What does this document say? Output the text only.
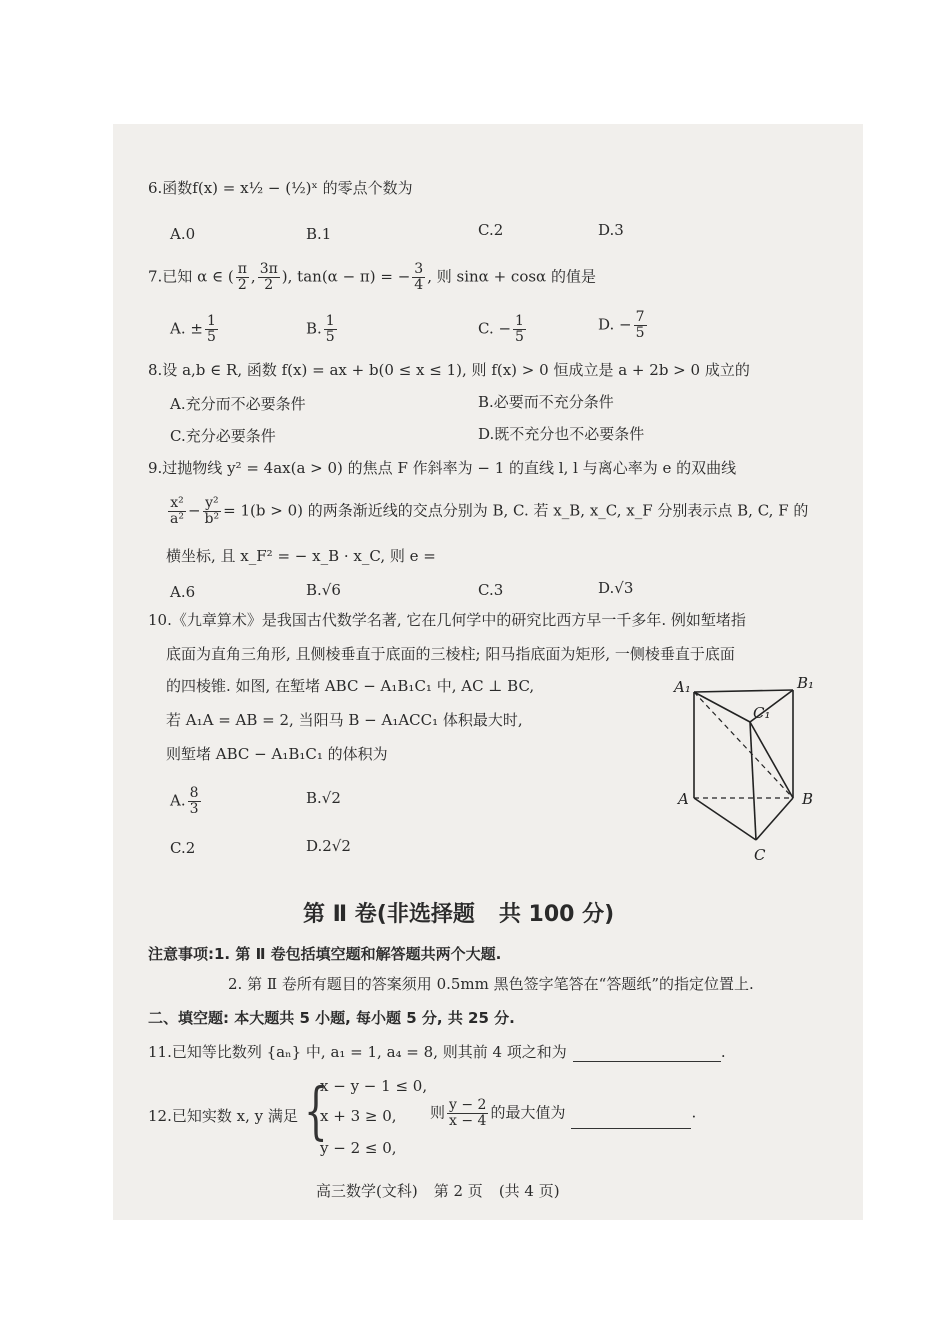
6.函数f(x) = x½ − (½)ˣ 的零点个数为
A.0	B.1	C.2	D.3
7.已知 α ∈ ( $\frac{\pi}{2}$ , $\frac{3\pi}{2}$ ), tan(α − π) = − $\frac{3}{4}$ , 则 sinα + cosα 的值是
A. ± $\frac{1}{5}$	B. $\frac{1}{5}$	C. − $\frac{1}{5}$	D. − $\frac{7}{5}$
8.设 a,b ∈ R, 函数 f(x) = ax + b(0 ≤ x ≤ 1), 则 f(x) > 0 恒成立是 a + 2b > 0 成立的
A.充分而不必要条件	B.必要而不充分条件
C.充分必要条件	D.既不充分也不必要条件
9.过抛物线 y² = 4ax(a > 0) 的焦点 F 作斜率为 − 1 的直线 l, l 与离心率为 e 的双曲线
$\frac{\text{x²}}{\text{a²}} - \frac{\text{y²}}{\text{b²}} = 1(b > 0)$ 的两条渐近线的交点分别为 B, C. 若 x_B, x_C, x_F 分别表示点 B, C, F 的
横坐标, 且 x_F² = − x_B · x_C, 则 e =
A.6	B.√6	C.3	D.√3
10.《九章算术》是我国古代数学名著, 它在几何学中的研究比西方早一千多年. 例如堑堵指
底面为直角三角形, 且侧棱垂直于底面的三棱柱; 阳马指底面为矩形, 一侧棱垂直于底面
的四棱锥. 如图, 在堑堵 ABC − A₁B₁C₁ 中, AC ⊥ BC,
若 A₁A = AB = 2, 当阳马 B − A₁ACC₁ 体积最大时,
则堑堵 ABC − A₁B₁C₁ 的体积为
A. $\frac{8}{3}$	B.√2
C.2	D.2√2
A₁	B₁
C₁
A	B
C
第 Ⅱ 卷(非选择题 共 100 分)
注意事项:1. 第 Ⅱ 卷包括填空题和解答题共两个大题.
2. 第 Ⅱ 卷所有题目的答案须用 0.5mm 黑色签字笔答在“答题纸”的指定位置上.
二、填空题: 本大题共 5 小题, 每小题 5 分, 共 25 分.
11.已知等比数列 {aₙ} 中, a₁ = 1, a₄ = 8, 则其前 4 项之和为	.
12.已知实数 x, y 满足 {
x − y − 1 ≤ 0,
x + 3 ≥ 0,
y − 2 ≤ 0,
则 $\frac{y - 2}{x - 4}$ 的最大值为	.
高三数学(文科) 第 2 页 (共 4 页)
